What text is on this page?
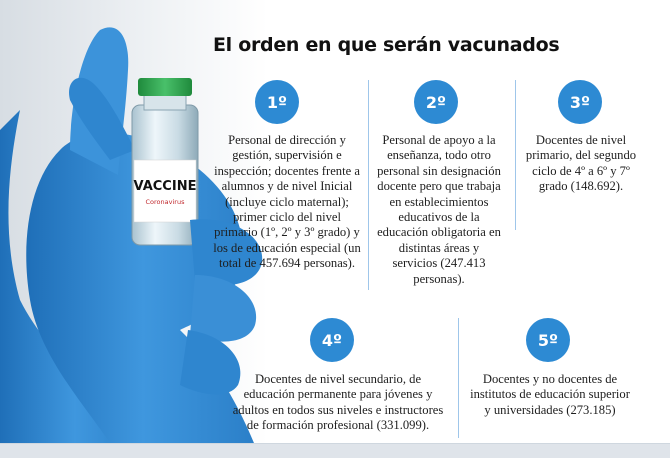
VACCINE
Coronavirus
El orden en que serán vacunados
1º
Personal de dirección y gestión, supervisión e inspección; docentes frente a alumnos y de nivel Inicial (incluye ciclo maternal); primer ciclo del nivel primario (1º, 2º y 3º grado) y los de educación especial (un total de 457.694 personas).
2º
Personal de apoyo a la enseñanza, todo otro personal sin designación docente pero que trabaja en establecimientos educativos de la educación obligatoria en distintas áreas y servicios (247.413 personas).
3º
Docentes de nivel primario, del segundo ciclo de 4º a 6º y 7º grado (148.692).
4º
Docentes de nivel secundario, de educación permanente para jóvenes y adultos en todos sus niveles e instructores de formación profesional (331.099).
5º
Docentes y no docentes de institutos de educación superior y universidades (273.185)
